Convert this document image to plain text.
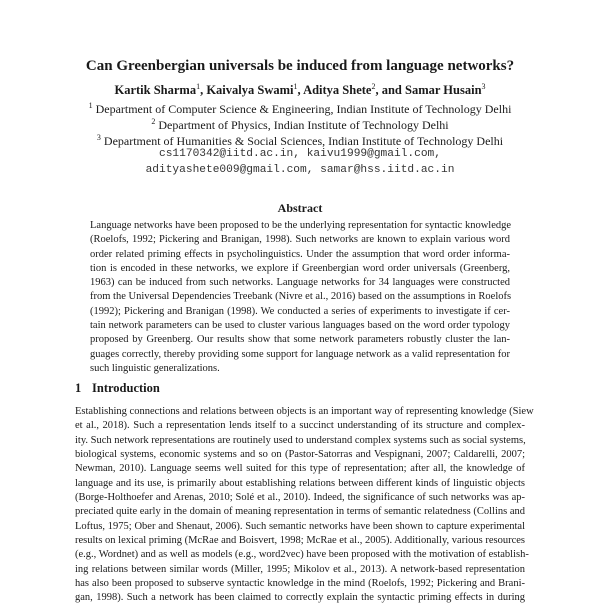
Can Greenbergian universals be induced from language networks?
Kartik Sharma$^1$, Kaivalya Swami$^1$, Aditya Shete$^2$, and Samar Husain$^3$
$^1$ Department of Computer Science & Engineering, Indian Institute of Technology Delhi
$^2$ Department of Physics, Indian Institute of Technology Delhi
$^3$ Department of Humanities & Social Sciences, Indian Institute of Technology Delhi
cs1170342@iitd.ac.in, kaivu1999@gmail.com,
adityashete009@gmail.com, samar@hss.iitd.ac.in
Abstract
Language networks have been proposed to be the underlying representation for syntactic knowledge
(Roelofs, 1992; Pickering and Branigan, 1998). Such networks are known to explain various word
order related priming effects in psycholinguistics. Under the assumption that word order informa-
tion is encoded in these networks, we explore if Greenbergian word order universals (Greenberg,
1963) can be induced from such networks. Language networks for 34 languages were constructed
from the Universal Dependencies Treebank (Nivre et al., 2016) based on the assumptions in Roelofs
(1992); Pickering and Branigan (1998). We conducted a series of experiments to investigate if cer-
tain network parameters can be used to cluster various languages based on the word order typology
proposed by Greenberg. Our results show that some network parameters robustly cluster the lan-
guages correctly, thereby providing some support for language network as a valid representation for
such linguistic generalizations.
1 Introduction
Establishing connections and relations between objects is an important way of representing knowledge (Siew
et al., 2018). Such a representation lends itself to a succinct understanding of its structure and complex-
ity. Such network representations are routinely used to understand complex systems such as social systems,
biological systems, economic systems and so on (Pastor-Satorras and Vespignani, 2007; Caldarelli, 2007;
Newman, 2010). Language seems well suited for this type of representation; after all, the knowledge of
language and its use, is primarily about establishing relations between different kinds of linguistic objects
(Borge-Holthoefer and Arenas, 2010; Solé et al., 2010). Indeed, the significance of such networks was ap-
preciated quite early in the domain of meaning representation in terms of semantic relatedness (Collins and
Loftus, 1975; Ober and Shenaut, 2006). Such semantic networks have been shown to capture experimental
results on lexical priming (McRae and Boisvert, 1998; McRae et al., 2005). Additionally, various resources
(e.g., Wordnet) and as well as models (e.g., word2vec) have been proposed with the motivation of establish-
ing relations between similar words (Miller, 1995; Mikolov et al., 2013). A network-based representation
has also been proposed to subserve syntactic knowledge in the mind (Roelofs, 1992; Pickering and Brani-
gan, 1998). Such a network has been claimed to correctly explain the syntactic priming effects in during
